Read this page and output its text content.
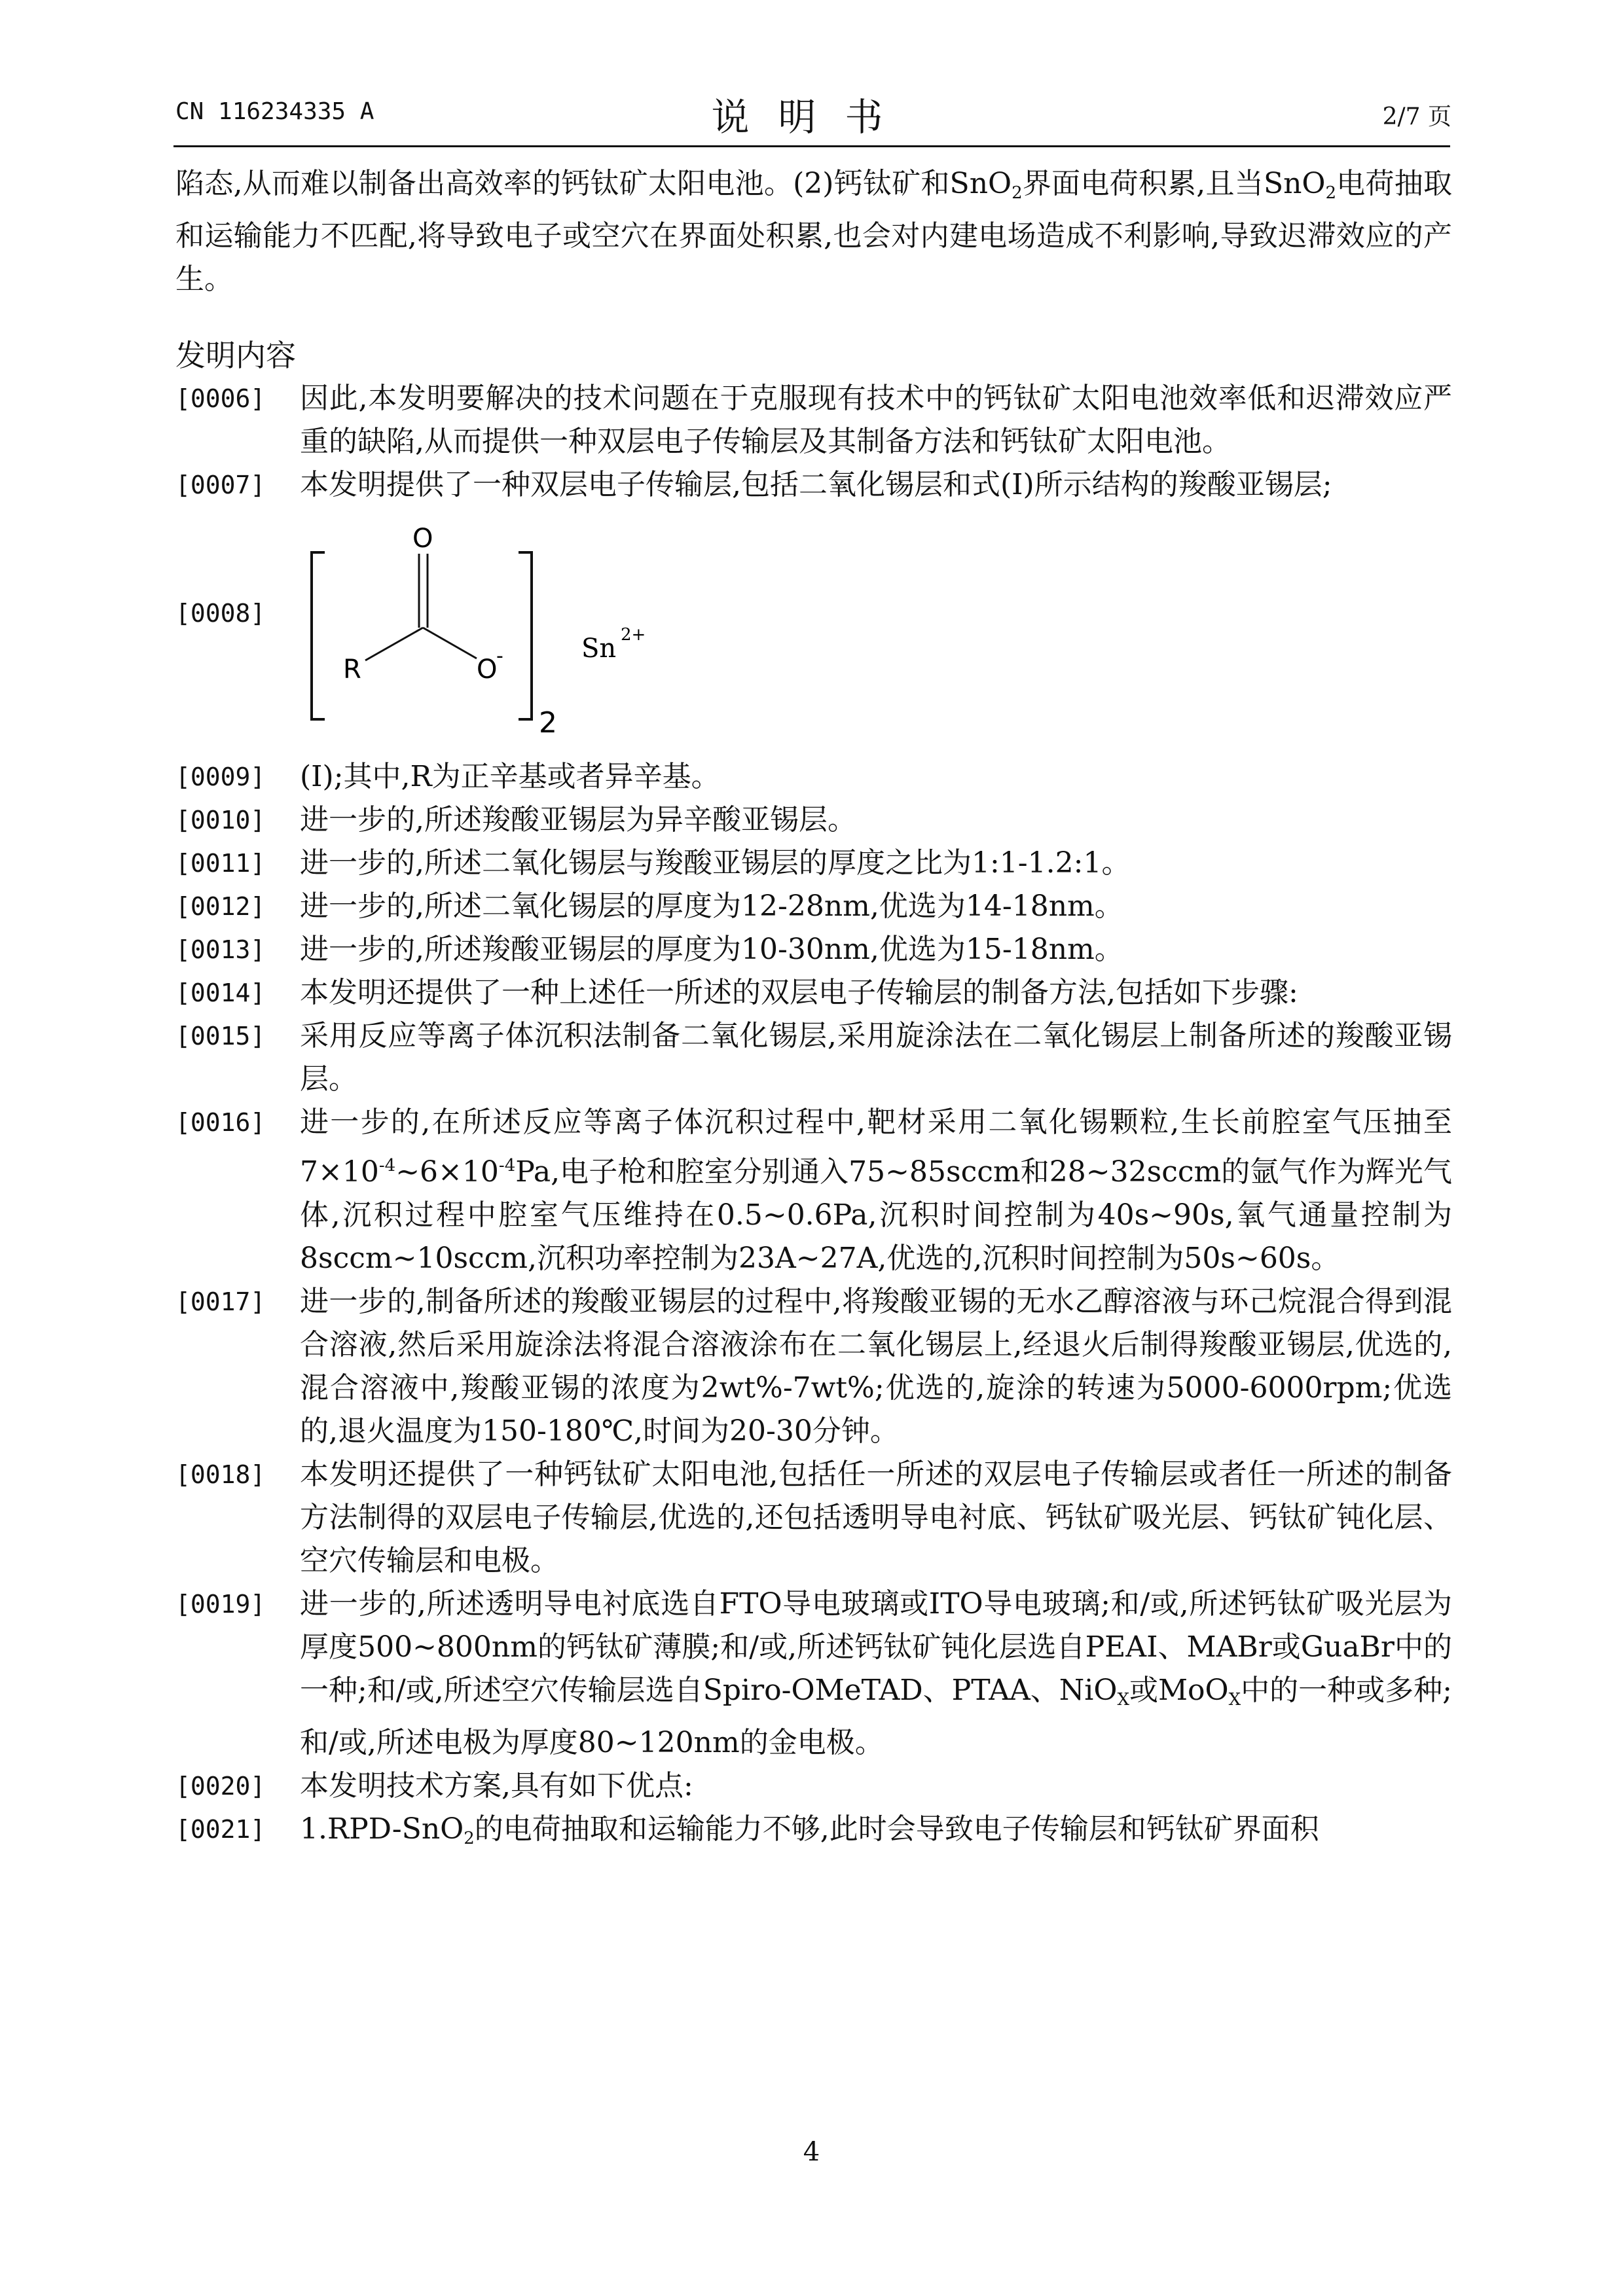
CN 116234335 A	说明书	2/7 页

陷态,从而难以制备出高效率的钙钛矿太阳电池。(2)钙钛矿和SnO$_2$界面电荷积累,且当SnO$_2$电荷抽取和运输能力不匹配,将导致电子或空穴在界面处积累,也会对内建电场造成不利影响,导致迟滞效应的产生。

发明内容
[0006]	因此,本发明要解决的技术问题在于克服现有技术中的钙钛矿太阳电池效率低和迟滞效应严重的缺陷,从而提供一种双层电子传输层及其制备方法和钙钛矿太阳电池。
[0007]	本发明提供了一种双层电子传输层,包括二氧化锡层和式(I)所示结构的羧酸亚锡层;
[0008]
O
R	O
-
2
Sn 2+
[0009]	(I);其中,R为正辛基或者异辛基。
[0010]	进一步的,所述羧酸亚锡层为异辛酸亚锡层。
[0011]	进一步的,所述二氧化锡层与羧酸亚锡层的厚度之比为1:1-1.2:1。
[0012]	进一步的,所述二氧化锡层的厚度为12-28nm,优选为14-18nm。
[0013]	进一步的,所述羧酸亚锡层的厚度为10-30nm,优选为15-18nm。
[0014]	本发明还提供了一种上述任一所述的双层电子传输层的制备方法,包括如下步骤:
[0015]	采用反应等离子体沉积法制备二氧化锡层,采用旋涂法在二氧化锡层上制备所述的羧酸亚锡层。
[0016]	进一步的,在所述反应等离子体沉积过程中,靶材采用二氧化锡颗粒,生长前腔室气压抽至$7\times 10^{-4}\sim 6\times 10^{-4}Pa$,电子枪和腔室分别通入75~85sccm和28~32sccm的氩气作为辉光气体,沉积过程中腔室气压维持在0.5~0.6Pa,沉积时间控制为40s~90s,氧气通量控制为8sccm~10sccm,沉积功率控制为23A~27A,优选的,沉积时间控制为50s~60s。
[0017]	进一步的,制备所述的羧酸亚锡层的过程中,将羧酸亚锡的无水乙醇溶液与环己烷混合得到混合溶液,然后采用旋涂法将混合溶液涂布在二氧化锡层上,经退火后制得羧酸亚锡层,优选的,混合溶液中,羧酸亚锡的浓度为2wt%-7wt%;优选的,旋涂的转速为5000-6000rpm;优选的,退火温度为150-180℃,时间为20-30分钟。
[0018]	本发明还提供了一种钙钛矿太阳电池,包括任一所述的双层电子传输层或者任一所述的制备方法制得的双层电子传输层,优选的,还包括透明导电衬底、钙钛矿吸光层、钙钛矿钝化层、空穴传输层和电极。
[0019]	进一步的,所述透明导电衬底选自FTO导电玻璃或ITO导电玻璃;和/或,所述钙钛矿吸光层为厚度500~800nm的钙钛矿薄膜;和/或,所述钙钛矿钝化层选自PEAI、MABr或GuaBr中的一种;和/或,所述空穴传输层选自Spiro-OMeTAD、PTAA、NiO$_X$或MoO$_X$中的一种或多种;和/或,所述电极为厚度80~120nm的金电极。
[0020]	本发明技术方案,具有如下优点:
[0021]	1.RPD-SnO$_2$的电荷抽取和运输能力不够,此时会导致电子传输层和钙钛矿界面积
4
